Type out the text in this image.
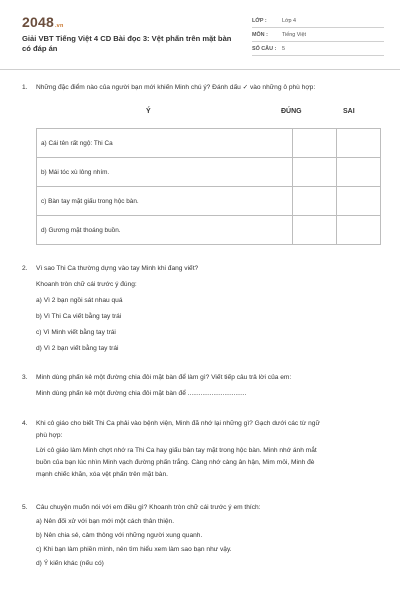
2048.vn
Giải VBT Tiếng Việt 4 CD Bài đọc 3: Vệt phấn trên mặt bàn có đáp án
LỚP :	Lớp 4
MÔN :	Tiếng Việt
SỐ CÂU :	5
1.	Những đặc điểm nào của người bạn mới khiến Minh chú ý? Đánh dấu ✓ vào những ô phù hợp:
Ý	ĐÚNG	SAI
a) Cái tên rất ngộ: Thi Ca		
b) Mái tóc xù lông nhím.		
c) Bàn tay mặt giấu trong hộc bàn.		
d) Gương mặt thoáng buồn.		
2.	Vì sao Thi Ca thường dựng vào tay Minh khi đang viết?
Khoanh tròn chữ cái trước ý đúng:
a) Vì 2 bạn ngồi sát nhau quá
b) Vì Thi Ca viết bằng tay trái
c) Vì Minh viết bằng tay trái
d) Vì 2 bạn viết bằng tay trái
3.	Minh dùng phấn kẻ một đường chia đôi mặt bàn để làm gì? Viết tiếp câu trả lời của em:
Minh dùng phấn kẻ một đường chia đôi mặt bàn để ................................
4.	Khi cô giáo cho biết Thi Ca phải vào bệnh viện, Minh đã nhớ lại những gì? Gạch dưới các từ ngữ
phù hợp:
Lời cô giáo làm Minh chợt nhớ ra Thi Ca hay giấu bàn tay mặt trong hộc bàn. Minh nhớ ánh mắt
buồn của bạn lúc nhìn Minh vạch đường phấn trắng. Càng nhớ càng ân hận, Mim mỏi, Minh đè
mạnh chiếc khăn, xóa vệt phấn trên mặt bàn.
5.	Câu chuyện muốn nói với em điều gì? Khoanh tròn chữ cái trước ý em thích:
a) Nên đối xử với bạn mới một cách thân thiện.
b) Nên chia sẻ, cảm thông với những người xung quanh.
c) Khi bạn làm phiền mình, nên tìm hiểu xem làm sao bạn như vậy.
d) Ý kiến khác (nếu có)
